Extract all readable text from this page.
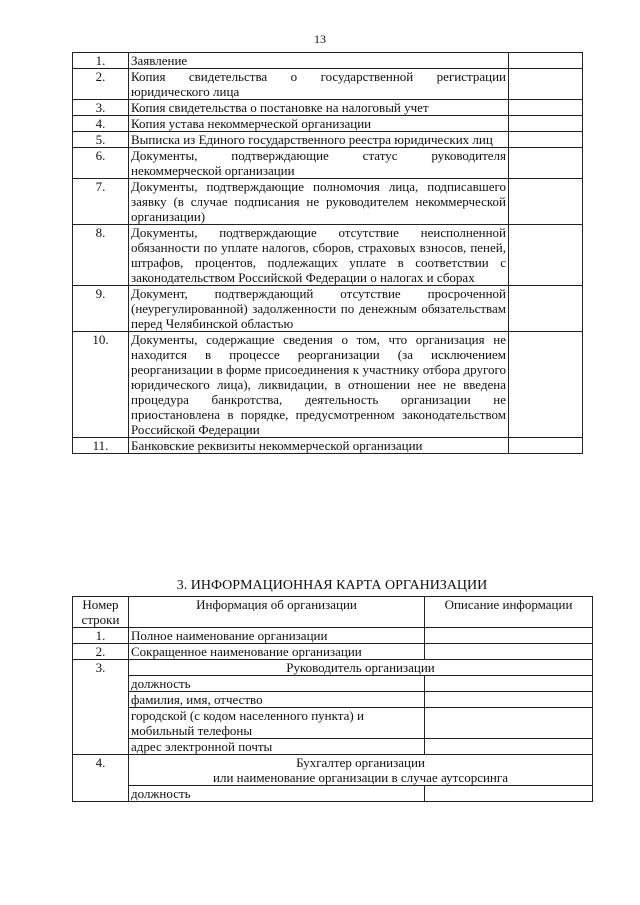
13
1.	Заявление	
2.	Копия свидетельства о государственной регистрации юридического лица	
3.	Копия свидетельства о постановке на налоговый учет	
4.	Копия устава некоммерческой организации	
5.	Выписка из Единого государственного реестра юридических лиц	
6.	Документы, подтверждающие статус руководителя некоммерческой организации	
7.	Документы, подтверждающие полномочия лица, подписавшего заявку (в случае подписания не руководителем некоммерческой организации)	
8.	Документы, подтверждающие отсутствие неисполненной обязанности по уплате налогов, сборов, страховых взносов, пеней, штрафов, процентов, подлежащих уплате в соответствии с законодательством Российской Федерации о налогах и сборах	
9.	Документ, подтверждающий отсутствие просроченной (неурегулированной) задолженности по денежным обязательствам перед Челябинской областью	
10.	Документы, содержащие сведения о том, что организация не находится в процессе реорганизации (за исключением реорганизации в форме присоединения к участнику отбора другого юридического лица), ликвидации, в отношении нее не введена процедура банкротства, деятельность организации не приостановлена в порядке, предусмотренном законодательством Российской Федерации	
11.	Банковские реквизиты некоммерческой организации	
3. ИНФОРМАЦИОННАЯ КАРТА ОРГАНИЗАЦИИ
Номер строки	Информация об организации	Описание информации
1.	Полное наименование организации	
2.	Сокращенное наименование организации	
3.	Руководитель организации	
	должность	
	фамилия, имя, отчество	
	городской (с кодом населенного пункта) и мобильный телефоны	
	адрес электронной почты	
4.	Бухгалтер организации
или наименование организации в случае аутсорсинга	
	должность	
